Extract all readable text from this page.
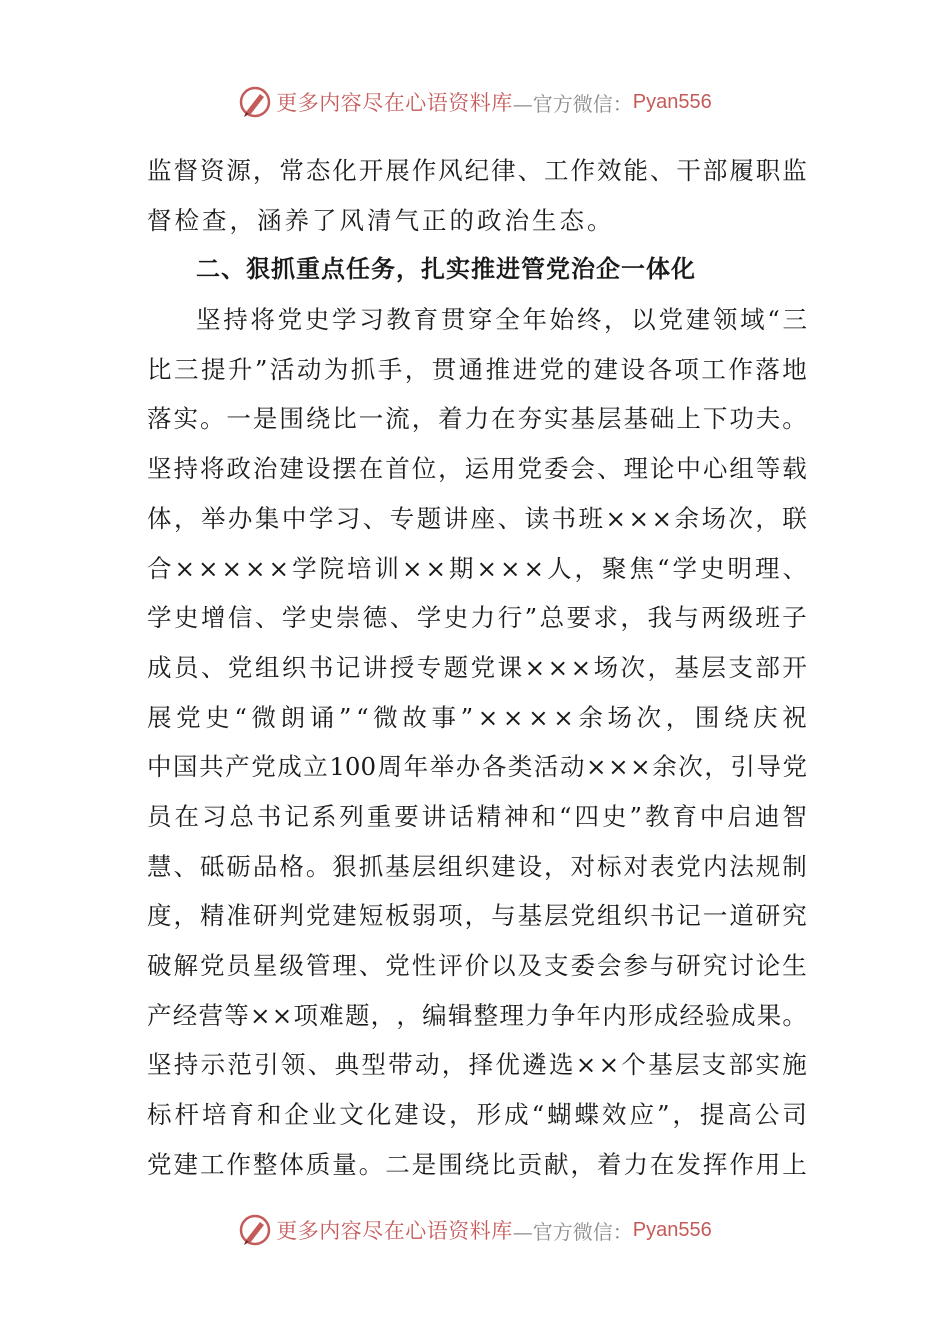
更多内容尽在心语资料库 —官方微信： Pyan556
监 督 资 源 ， 常 态 化 开 展 作 风 纪 律 、 工 作 效 能 、 干 部 履 职 监
督检查，涵养了风清气正的政治生态。
二、狠抓重点任务，扎实推进管党治企一体化
坚 持 将 党 史 学 习 教 育 贯 穿 全 年 始 终 ， 以 党 建 领 域 “ 三
比 三 提 升 ” 活 动 为 抓 手 ， 贯 通 推 进 党 的 建 设 各 项 工 作 落 地
落 实 。 一 是 围 绕 比 一 流 ， 着 力 在 夯 实 基 层 基 础 上 下 功 夫 。
坚 持 将 政 治 建 设 摆 在 首 位 ， 运 用 党 委 会 、 理 论 中 心 组 等 载
体 ， 举 办 集 中 学 习 、 专 题 讲 座 、 读 书 班 × × × 余 场 次 ， 联
合 × × × × × 学 院 培 训 × × 期 × × × 人 ， 聚 焦 “ 学 史 明 理 、
学 史 增 信 、 学 史 崇 德 、 学 史 力 行 ” 总 要 求 ， 我 与 两 级 班 子
成 员 、 党 组 织 书 记 讲 授 专 题 党 课 × × × 场 次 ， 基 层 支 部 开
展 党 史 “ 微 朗 诵 ” “ 微 故 事 ” × × × × 余 场 次 ， 围 绕 庆 祝
中 国 共 产 党 成 立 100 周 年 举 办 各 类 活 动 × × × 余 次 ， 引 导 党
员 在 习 总 书 记 系 列 重 要 讲 话 精 神 和 “ 四 史 ” 教 育 中 启 迪 智
慧 、 砥 砺 品 格 。 狠 抓 基 层 组 织 建 设 ， 对 标 对 表 党 内 法 规 制
度 ， 精 准 研 判 党 建 短 板 弱 项 ， 与 基 层 党 组 织 书 记 一 道 研 究
破 解 党 员 星 级 管 理 、 党 性 评 价 以 及 支 委 会 参 与 研 究 讨 论 生
产 经 营 等 × × 项 难 题 ， ， 编 辑 整 理 力 争 年 内 形 成 经 验 成 果 。
坚 持 示 范 引 领 、 典 型 带 动 ， 择 优 遴 选 × × 个 基 层 支 部 实 施
标 杆 培 育 和 企 业 文 化 建 设 ， 形 成 “ 蝴 蝶 效 应 ” ， 提 高 公 司
党 建 工 作 整 体 质 量 。 二 是 围 绕 比 贡 献 ， 着 力 在 发 挥 作 用 上
更多内容尽在心语资料库 —官方微信： Pyan556
